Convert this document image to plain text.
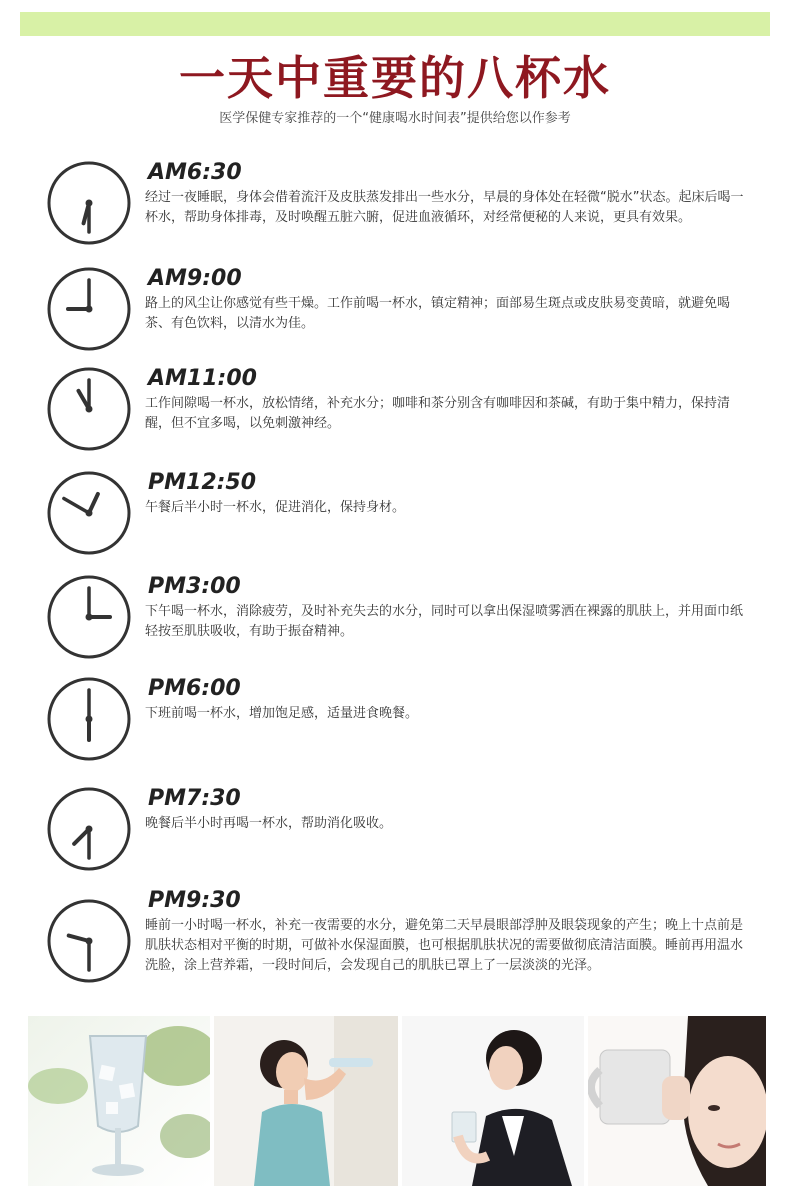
一天中重要的八杯水
医学保健专家推荐的一个“健康喝水时间表”提供给您以作参考
AM6:30

经过一夜睡眠，身体会借着流汗及皮肤蒸发排出一些水分，早晨的身体处在轻微“脱水”状态。起床后喝一杯水，帮助身体排毒，及时唤醒五脏六腑，促进血液循环，对经常便秘的人来说，更具有效果。

AM9:00

路上的风尘让你感觉有些干燥。工作前喝一杯水，镇定精神；面部易生斑点或皮肤易变黄暗，就避免喝茶、有色饮料，以清水为佳。

AM11:00

工作间隙喝一杯水，放松情绪，补充水分；咖啡和茶分别含有咖啡因和茶碱，有助于集中精力，保持清醒，但不宜多喝，以免刺激神经。

PM12:50

午餐后半小时一杯水，促进消化，保持身材。

PM3:00

下午喝一杯水，消除疲劳，及时补充失去的水分，同时可以拿出保湿喷雾洒在裸露的肌肤上，并用面巾纸轻按至肌肤吸收，有助于振奋精神。

PM6:00

下班前喝一杯水，增加饱足感，适量进食晚餐。

PM7:30

晚餐后半小时再喝一杯水，帮助消化吸收。

PM9:30

睡前一小时喝一杯水，补充一夜需要的水分，避免第二天早晨眼部浮肿及眼袋现象的产生；晚上十点前是肌肤状态相对平衡的时期，可做补水保湿面膜，也可根据肌肤状况的需要做彻底清洁面膜。睡前再用温水洗脸，涂上营养霜，一段时间后，会发现自己的肌肤已罩上了一层淡淡的光泽。
